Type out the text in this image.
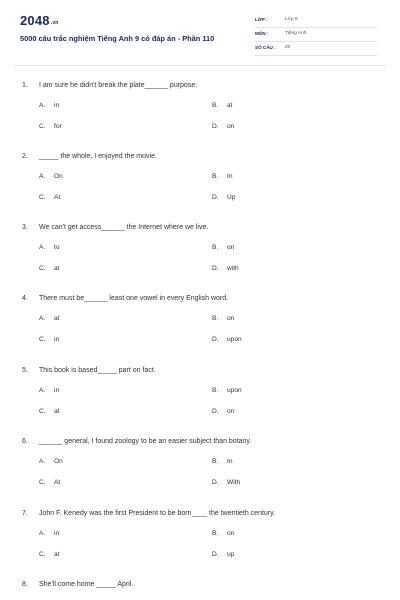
2048.vn
5000 câu trắc nghiệm Tiếng Anh 9 có đáp án - Phần 110
LỚP :	Lớp 9
MÔN :	Tiếng Anh
SỐ CÂU : 20
1. I am sure he didn't break the plate______ purpose.
A. in	B. at
C. for	D. on
2. _____ the whole, I enjoyed the movie.
A. On	B. In
C. At	D. Up
3. We can't get access______ the Internet where we live.
A. to	B. on
C. at	D. with
4. There must be______ least one vowel in every English word.
A. at	B. on
C. in	D. upon
5. This book is based_____ part on fact.
A. in	B. upon
C. at	D. on
6. ______ general, I found zoology to be an easier subject than botany.
A. On	B. In
C. At	D. With
7. John F. Kenedy was the first President to be born____ the twentieth century.
A. in	B. on
C. at	D. up
8. She'll come home _____ April.
